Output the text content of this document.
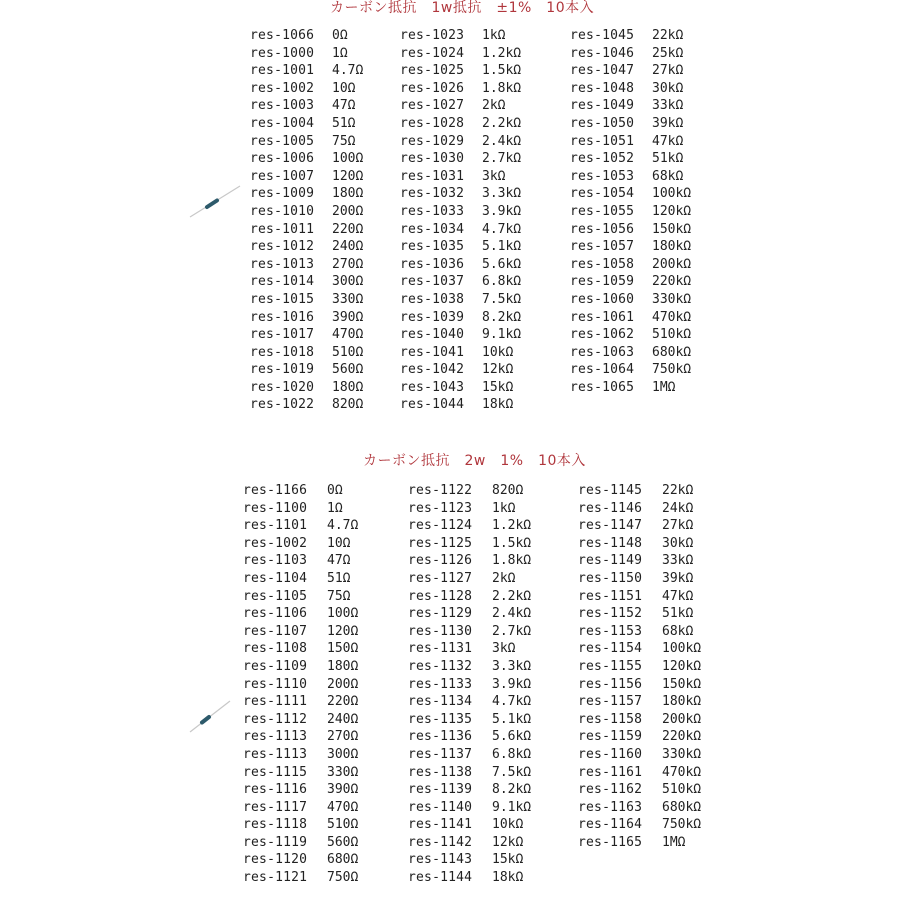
カーボン抵抗　1w抵抗　±1%　10本入
res-1066 0Ω
res-1000 1Ω
res-1001 4.7Ω
res-1002 10Ω
res-1003 47Ω
res-1004 51Ω
res-1005 75Ω
res-1006 100Ω
res-1007 120Ω
res-1009 180Ω
res-1010 200Ω
res-1011 220Ω
res-1012 240Ω
res-1013 270Ω
res-1014 300Ω
res-1015 330Ω
res-1016 390Ω
res-1017 470Ω
res-1018 510Ω
res-1019 560Ω
res-1020 180Ω
res-1022 820Ω
res-1023 1kΩ
res-1024 1.2kΩ
res-1025 1.5kΩ
res-1026 1.8kΩ
res-1027 2kΩ
res-1028 2.2kΩ
res-1029 2.4kΩ
res-1030 2.7kΩ
res-1031 3kΩ
res-1032 3.3kΩ
res-1033 3.9kΩ
res-1034 4.7kΩ
res-1035 5.1kΩ
res-1036 5.6kΩ
res-1037 6.8kΩ
res-1038 7.5kΩ
res-1039 8.2kΩ
res-1040 9.1kΩ
res-1041 10kΩ
res-1042 12kΩ
res-1043 15kΩ
res-1044 18kΩ
res-1045 22kΩ
res-1046 25kΩ
res-1047 27kΩ
res-1048 30kΩ
res-1049 33kΩ
res-1050 39kΩ
res-1051 47kΩ
res-1052 51kΩ
res-1053 68kΩ
res-1054 100kΩ
res-1055 120kΩ
res-1056 150kΩ
res-1057 180kΩ
res-1058 200kΩ
res-1059 220kΩ
res-1060 330kΩ
res-1061 470kΩ
res-1062 510kΩ
res-1063 680kΩ
res-1064 750kΩ
res-1065 1MΩ
カーボン抵抗　2w　1%　10本入
res-1166 0Ω
res-1100 1Ω
res-1101 4.7Ω
res-1002 10Ω
res-1103 47Ω
res-1104 51Ω
res-1105 75Ω
res-1106 100Ω
res-1107 120Ω
res-1108 150Ω
res-1109 180Ω
res-1110 200Ω
res-1111 220Ω
res-1112 240Ω
res-1113 270Ω
res-1113 300Ω
res-1115 330Ω
res-1116 390Ω
res-1117 470Ω
res-1118 510Ω
res-1119 560Ω
res-1120 680Ω
res-1121 750Ω
res-1122 820Ω
res-1123 1kΩ
res-1124 1.2kΩ
res-1125 1.5kΩ
res-1126 1.8kΩ
res-1127 2kΩ
res-1128 2.2kΩ
res-1129 2.4kΩ
res-1130 2.7kΩ
res-1131 3kΩ
res-1132 3.3kΩ
res-1133 3.9kΩ
res-1134 4.7kΩ
res-1135 5.1kΩ
res-1136 5.6kΩ
res-1137 6.8kΩ
res-1138 7.5kΩ
res-1139 8.2kΩ
res-1140 9.1kΩ
res-1141 10kΩ
res-1142 12kΩ
res-1143 15kΩ
res-1144 18kΩ
res-1145 22kΩ
res-1146 24kΩ
res-1147 27kΩ
res-1148 30kΩ
res-1149 33kΩ
res-1150 39kΩ
res-1151 47kΩ
res-1152 51kΩ
res-1153 68kΩ
res-1154 100kΩ
res-1155 120kΩ
res-1156 150kΩ
res-1157 180kΩ
res-1158 200kΩ
res-1159 220kΩ
res-1160 330kΩ
res-1161 470kΩ
res-1162 510kΩ
res-1163 680kΩ
res-1164 750kΩ
res-1165 1MΩ
